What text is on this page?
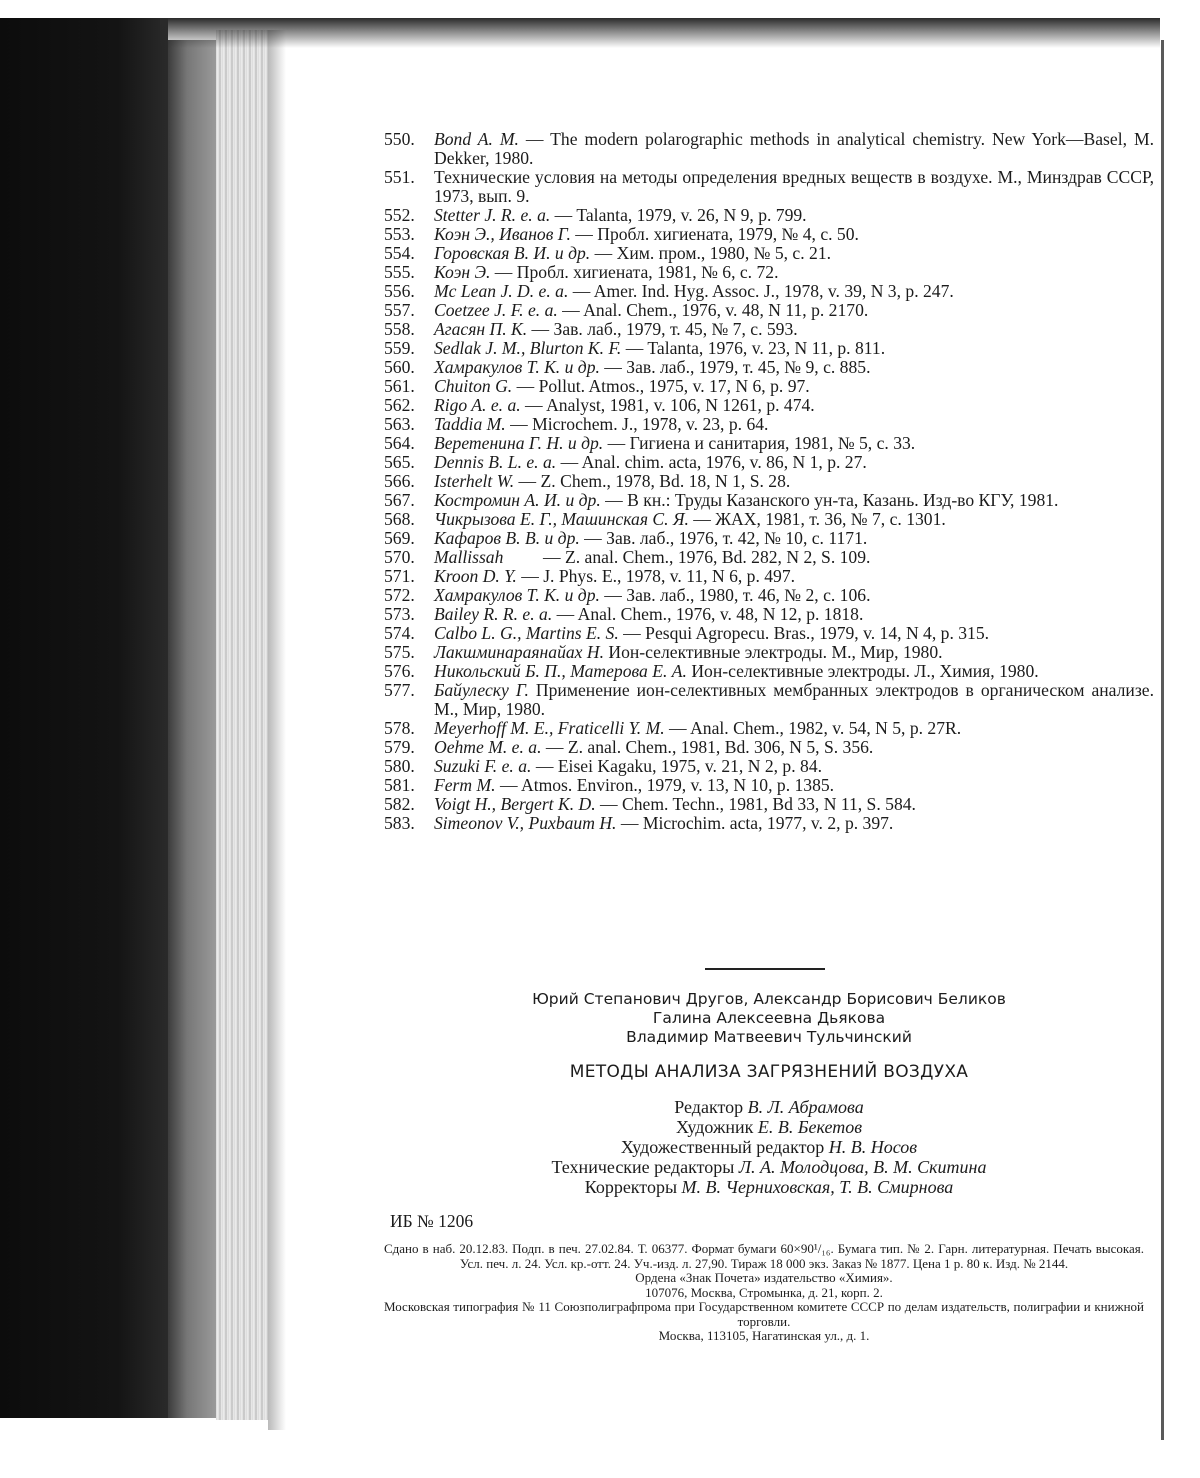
550.	Bond A. M. — The modern polarographic methods in analytical chemistry. New York—Basel, M. Dekker, 1980.
551.	Технические условия на методы определения вредных веществ в воздухе. М., Минздрав СССР, 1973, вып. 9.
552.	Stetter J. R. e. a. — Talanta, 1979, v. 26, N 9, p. 799.
553.	Коэн Э., Иванов Г. — Пробл. хигиената, 1979, № 4, с. 50.
554.	Горовская В. И. и др. — Хим. пром., 1980, № 5, с. 21.
555.	Коэн Э. — Пробл. хигиената, 1981, № 6, с. 72.
556.	Mc Lean J. D. e. a. — Amer. Ind. Hyg. Assoc. J., 1978, v. 39, N 3, p. 247.
557.	Coetzee J. F. e. a. — Anal. Chem., 1976, v. 48, N 11, p. 2170.
558.	Агасян П. К. — Зав. лаб., 1979, т. 45, № 7, с. 593.
559.	Sedlak J. M., Blurton K. F. — Talanta, 1976, v. 23, N 11, p. 811.
560.	Хамракулов Т. К. и др. — Зав. лаб., 1979, т. 45, № 9, с. 885.
561.	Chuiton G. — Pollut. Atmos., 1975, v. 17, N 6, p. 97.
562.	Rigo A. e. a. — Analyst, 1981, v. 106, N 1261, p. 474.
563.	Taddia M. — Microchem. J., 1978, v. 23, p. 64.
564.	Веретенина Г. Н. и др. — Гигиена и санитария, 1981, № 5, с. 33.
565.	Dennis B. L. e. a. — Anal. chim. acta, 1976, v. 86, N 1, p. 27.
566.	Isterhelt W. — Z. Chem., 1978, Bd. 18, N 1, S. 28.
567.	Костромин А. И. и др. — В кн.: Труды Казанского ун-та, Казань. Изд-во КГУ, 1981.
568.	Чикрызова Е. Г., Машинская С. Я. — ЖАХ, 1981, т. 36, № 7, с. 1301.
569.	Кафаров В. В. и др. — Зав. лаб., 1976, т. 42, № 10, с. 1171.
570.	Mallissah         — Z. anal. Chem., 1976, Bd. 282, N 2, S. 109.
571.	Kroon D. Y. — J. Phys. E., 1978, v. 11, N 6, p. 497.
572.	Хамракулов Т. К. и др. — Зав. лаб., 1980, т. 46, № 2, с. 106.
573.	Bailey R. R. e. a. — Anal. Chem., 1976, v. 48, N 12, p. 1818.
574.	Calbo L. G., Martins E. S. — Pesqui Agropecu. Bras., 1979, v. 14, N 4, p. 315.
575.	Лакшминараянайах Н. Ион-селективные электроды. М., Мир, 1980.
576.	Никольский Б. П., Матерова Е. А. Ион-селективные электроды. Л., Химия, 1980.
577.	Байулеску Г. Применение ион-селективных мембранных электродов в органическом анализе. М., Мир, 1980.
578.	Meyerhoff M. E., Fraticelli Y. M. — Anal. Chem., 1982, v. 54, N 5, p. 27R.
579.	Oehme M. e. a. — Z. anal. Chem., 1981, Bd. 306, N 5, S. 356.
580.	Suzuki F. e. a. — Eisei Kagaku, 1975, v. 21, N 2, p. 84.
581.	Ferm M. — Atmos. Environ., 1979, v. 13, N 10, p. 1385.
582.	Voigt H., Bergert K. D. — Chem. Techn., 1981, Bd 33, N 11, S. 584.
583.	Simeonov V., Puxbaum H. — Microchim. acta, 1977, v. 2, p. 397.
Юрий Степанович Другов, Александр Борисович Беликов
Галина Алексеевна Дьякова
Владимир Матвеевич Тульчинский
МЕТОДЫ АНАЛИЗА ЗАГРЯЗНЕНИЙ ВОЗДУХА
Редактор В. Л. Абрамова
Художник Е. В. Бекетов
Художественный редактор Н. В. Носов
Технические редакторы Л. А. Молодцова, В. М. Скитина
Корректоры М. В. Черниховская, Т. В. Смирнова
ИБ № 1206
Сдано в наб. 20.12.83. Подп. в печ. 27.02.84. Т. 06377. Формат бумаги 60×90¹/₁₆. Бумага тип. № 2. Гарн. литературная. Печать высокая. Усл. печ. л. 24. Усл. кр.-отт. 24. Уч.-изд. л. 27,90. Тираж 18 000 экз. Заказ № 1877. Цена 1 р. 80 к. Изд. № 2144.
Ордена «Знак Почета» издательство «Химия».
107076, Москва, Стромынка, д. 21, корп. 2.
Московская типография № 11 Союзполиграфпрома при Государственном комитете СССР по делам издательств, полиграфии и книжной торговли.
Москва, 113105, Нагатинская ул., д. 1.
